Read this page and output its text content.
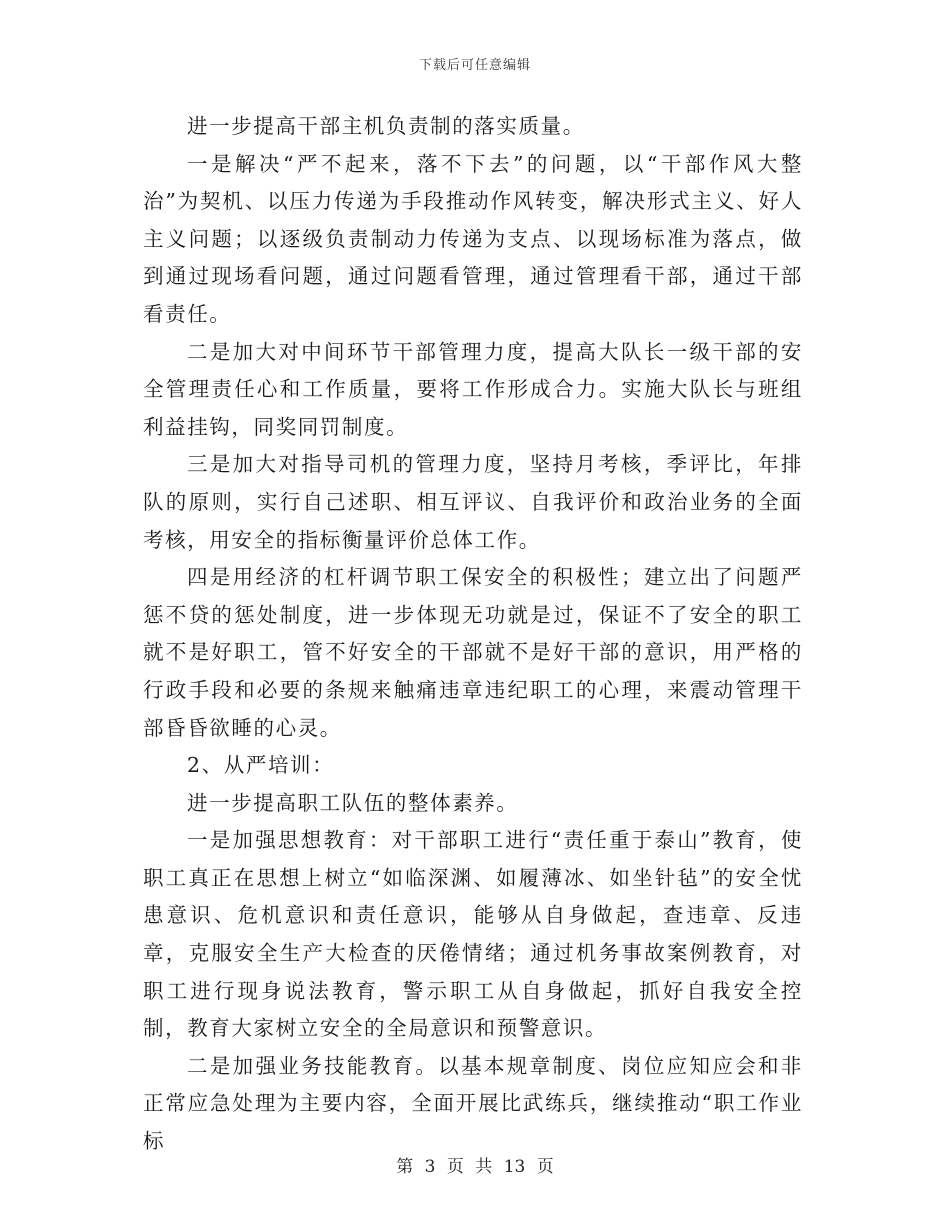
下载后可任意编辑

进一步提高干部主机负责制的落实质量。

一是解决“严不起来，落不下去”的问题，以“干部作风大整治”为契机、以压力传递为手段推动作风转变，解决形式主义、好人主义问题；以逐级负责制动力传递为支点、以现场标准为落点，做到通过现场看问题，通过问题看管理，通过管理看干部，通过干部看责任。

二是加大对中间环节干部管理力度，提高大队长一级干部的安全管理责任心和工作质量，要将工作形成合力。实施大队长与班组利益挂钩，同奖同罚制度。

三是加大对指导司机的管理力度，坚持月考核，季评比，年排队的原则，实行自己述职、相互评议、自我评价和政治业务的全面考核，用安全的指标衡量评价总体工作。

四是用经济的杠杆调节职工保安全的积极性；建立出了问题严惩不贷的惩处制度，进一步体现无功就是过，保证不了安全的职工就不是好职工，管不好安全的干部就不是好干部的意识，用严格的行政手段和必要的条规来触痛违章违纪职工的心理，来震动管理干部昏昏欲睡的心灵。

2、从严培训：

进一步提高职工队伍的整体素养。

一是加强思想教育：对干部职工进行“责任重于泰山”教育，使职工真正在思想上树立“如临深渊、如履薄冰、如坐针毡”的安全忧患意识、危机意识和责任意识，能够从自身做起，查违章、反违章，克服安全生产大检查的厌倦情绪；通过机务事故案例教育，对职工进行现身说法教育，警示职工从自身做起，抓好自我安全控制，教育大家树立安全的全局意识和预警意识。

二是加强业务技能教育。以基本规章制度、岗位应知应会和非正常应急处理为主要内容，全面开展比武练兵，继续推动“职工作业标

第 3 页 共 13 页
